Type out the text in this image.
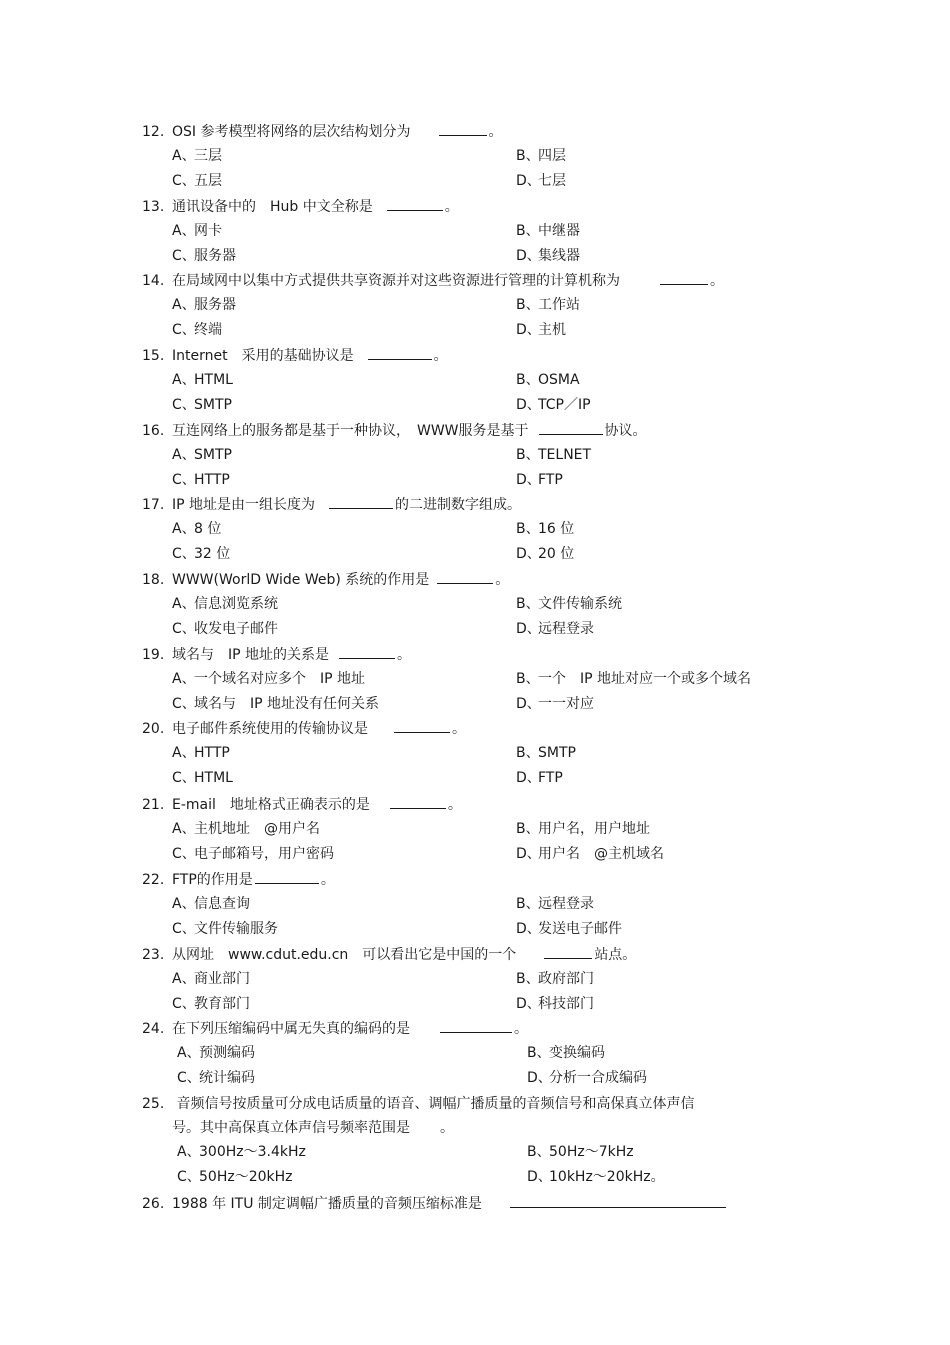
12. OSI 参考模型将网络的层次结构划分为	。
A、三层	B、四层
C、五层	D、七层
13. 通讯设备中的　Hub 中文全称是	。
A、网卡	B、中继器
C、服务器	D、集线器
14. 在局域网中以集中方式提供共享资源并对这些资源进行管理的计算机称为	。
A、服务器	B、工作站
C、终端	D、主机
15. Internet　采用的基础协议是	。
A、HTML	B、OSMA
C、SMTP	D、TCP／IP
16. 互连网络上的服务都是基于一种协议，　WWW服务是基于	协议。
A、SMTP	B、TELNET
C、HTTP	D、FTP
17. IP 地址是由一组长度为	的二进制数字组成。
A、8 位	B、16 位
C、32 位	D、20 位
18. WWW(WorlD Wide Web) 系统的作用是	。
A、信息浏览系统	B、文件传输系统
C、收发电子邮件	D、远程登录
19. 域名与　IP 地址的关系是	。
A、一个域名对应多个　IP 地址	B、一个　IP 地址对应一个或多个域名
C、域名与　IP 地址没有任何关系	D、一一对应
20. 电子邮件系统使用的传输协议是	。
A、HTTP	B、SMTP
C、HTML	D、FTP
21. E-mail　地址格式正确表示的是	。
A、主机地址　@用户名	B、用户名，用户地址
C、电子邮箱号，用户密码	D、用户名　@主机域名
22. FTP的作用是	。
A、信息查询	B、远程登录
C、文件传输服务	D、发送电子邮件
23. 从网址　www.cdut.edu.cn　可以看出它是中国的一个	站点。
A、商业部门	B、政府部门
C、教育部门	D、科技部门
24. 在下列压缩编码中属无失真的编码的是	。
A、预测编码	B、变换编码
C、统计编码	D、分析一合成编码
25. 音频信号按质量可分成电话质量的语音、调幅广播质量的音频信号和高保真立体声信
号。其中高保真立体声信号频率范围是 。
A、300Hz～3.4kHz	B、50Hz～7kHz
C、50Hz～20kHz	D、10kHz～20kHz。
26. 1988 年 ITU 制定调幅广播质量的音频压缩标准是
